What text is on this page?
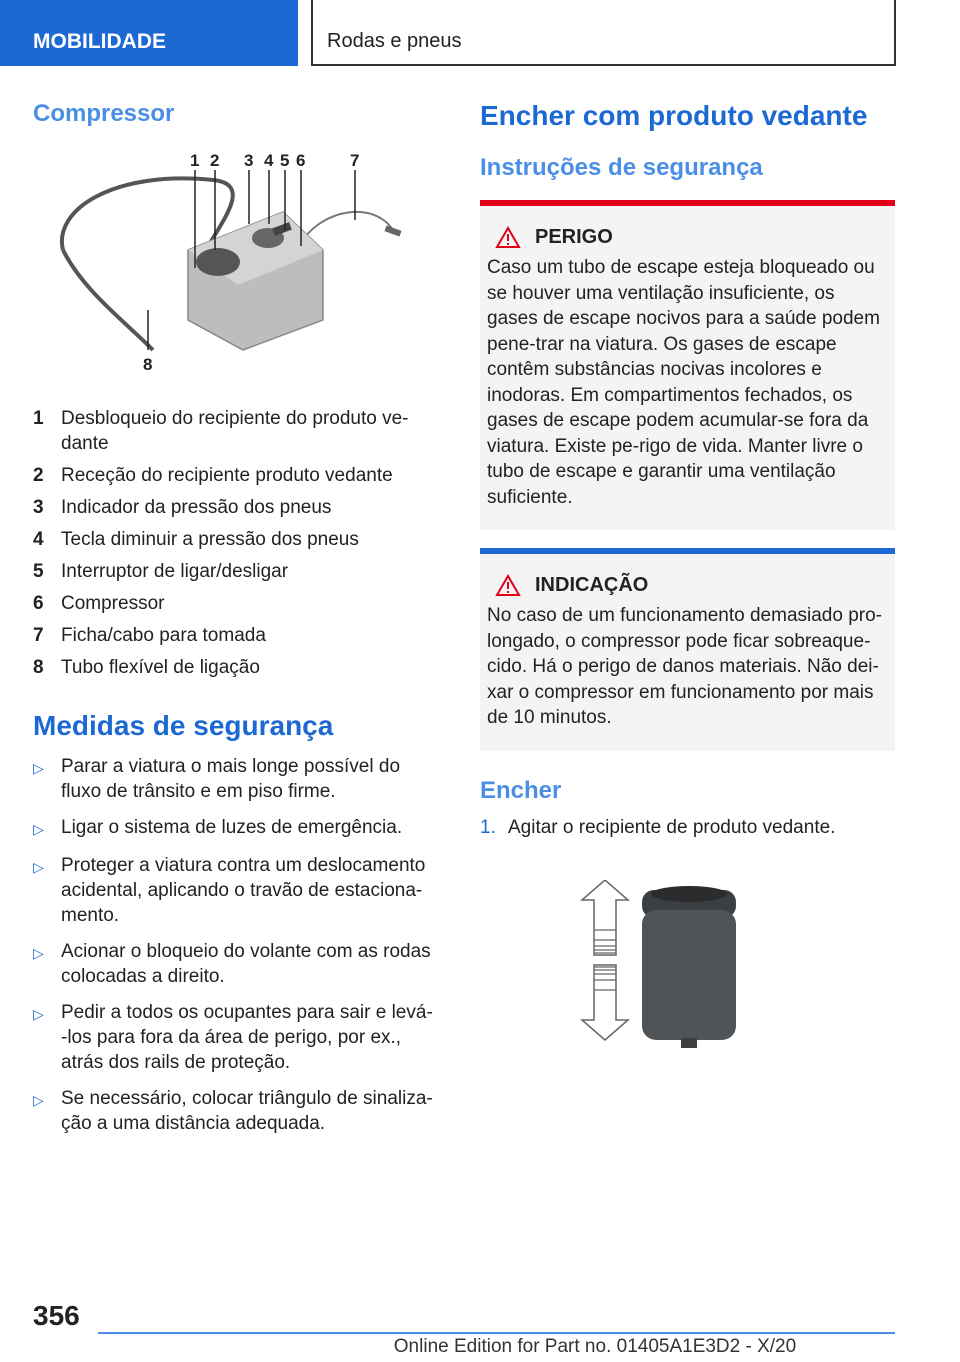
MOBILIDADE	Rodas e pneus
Compressor
1 2 3 4 5 6	7
8
1 Desbloqueio do recipiente do produto ve-
dante
2 Receção do recipiente produto vedante
3 Indicador da pressão dos pneus
4 Tecla diminuir a pressão dos pneus
5 Interruptor de ligar/desligar
6 Compressor
7 Ficha/cabo para tomada
8 Tubo flexível de ligação
Medidas de segurança
▷ Parar a viatura o mais longe possível do fluxo de trânsito e em piso firme.
▷ Ligar o sistema de luzes de emergência.
▷ Proteger a viatura contra um deslocamento acidental, aplicando o travão de estaciona-mento.
▷ Acionar o bloqueio do volante com as rodas colocadas a direito.
▷ Pedir a todos os ocupantes para sair e levá--los para fora da área de perigo, por ex., atrás dos rails de proteção.
▷ Se necessário, colocar triângulo de sinaliza-ção a uma distância adequada.
Encher com produto vedante
Instruções de segurança
PERIGO

Caso um tubo de escape esteja bloqueado ou se houver uma ventilação insuficiente, os gases de escape nocivos para a saúde podem pene-trar na viatura. Os gases de escape contêm substâncias nocivas incolores e inodoras. Em compartimentos fechados, os gases de escape podem acumular-se fora da viatura. Existe pe-rigo de vida. Manter livre o tubo de escape e garantir uma ventilação suficiente.

INDICAÇÃO

No caso de um funcionamento demasiado pro-longado, o compressor pode ficar sobreaque-cido. Há o perigo de danos materiais. Não dei-xar o compressor em funcionamento por mais de 10 minutos.

Encher
1. Agitar o recipiente de produto vedante.
356
Online Edition for Part no. 01405A1E3D2 - X/20
